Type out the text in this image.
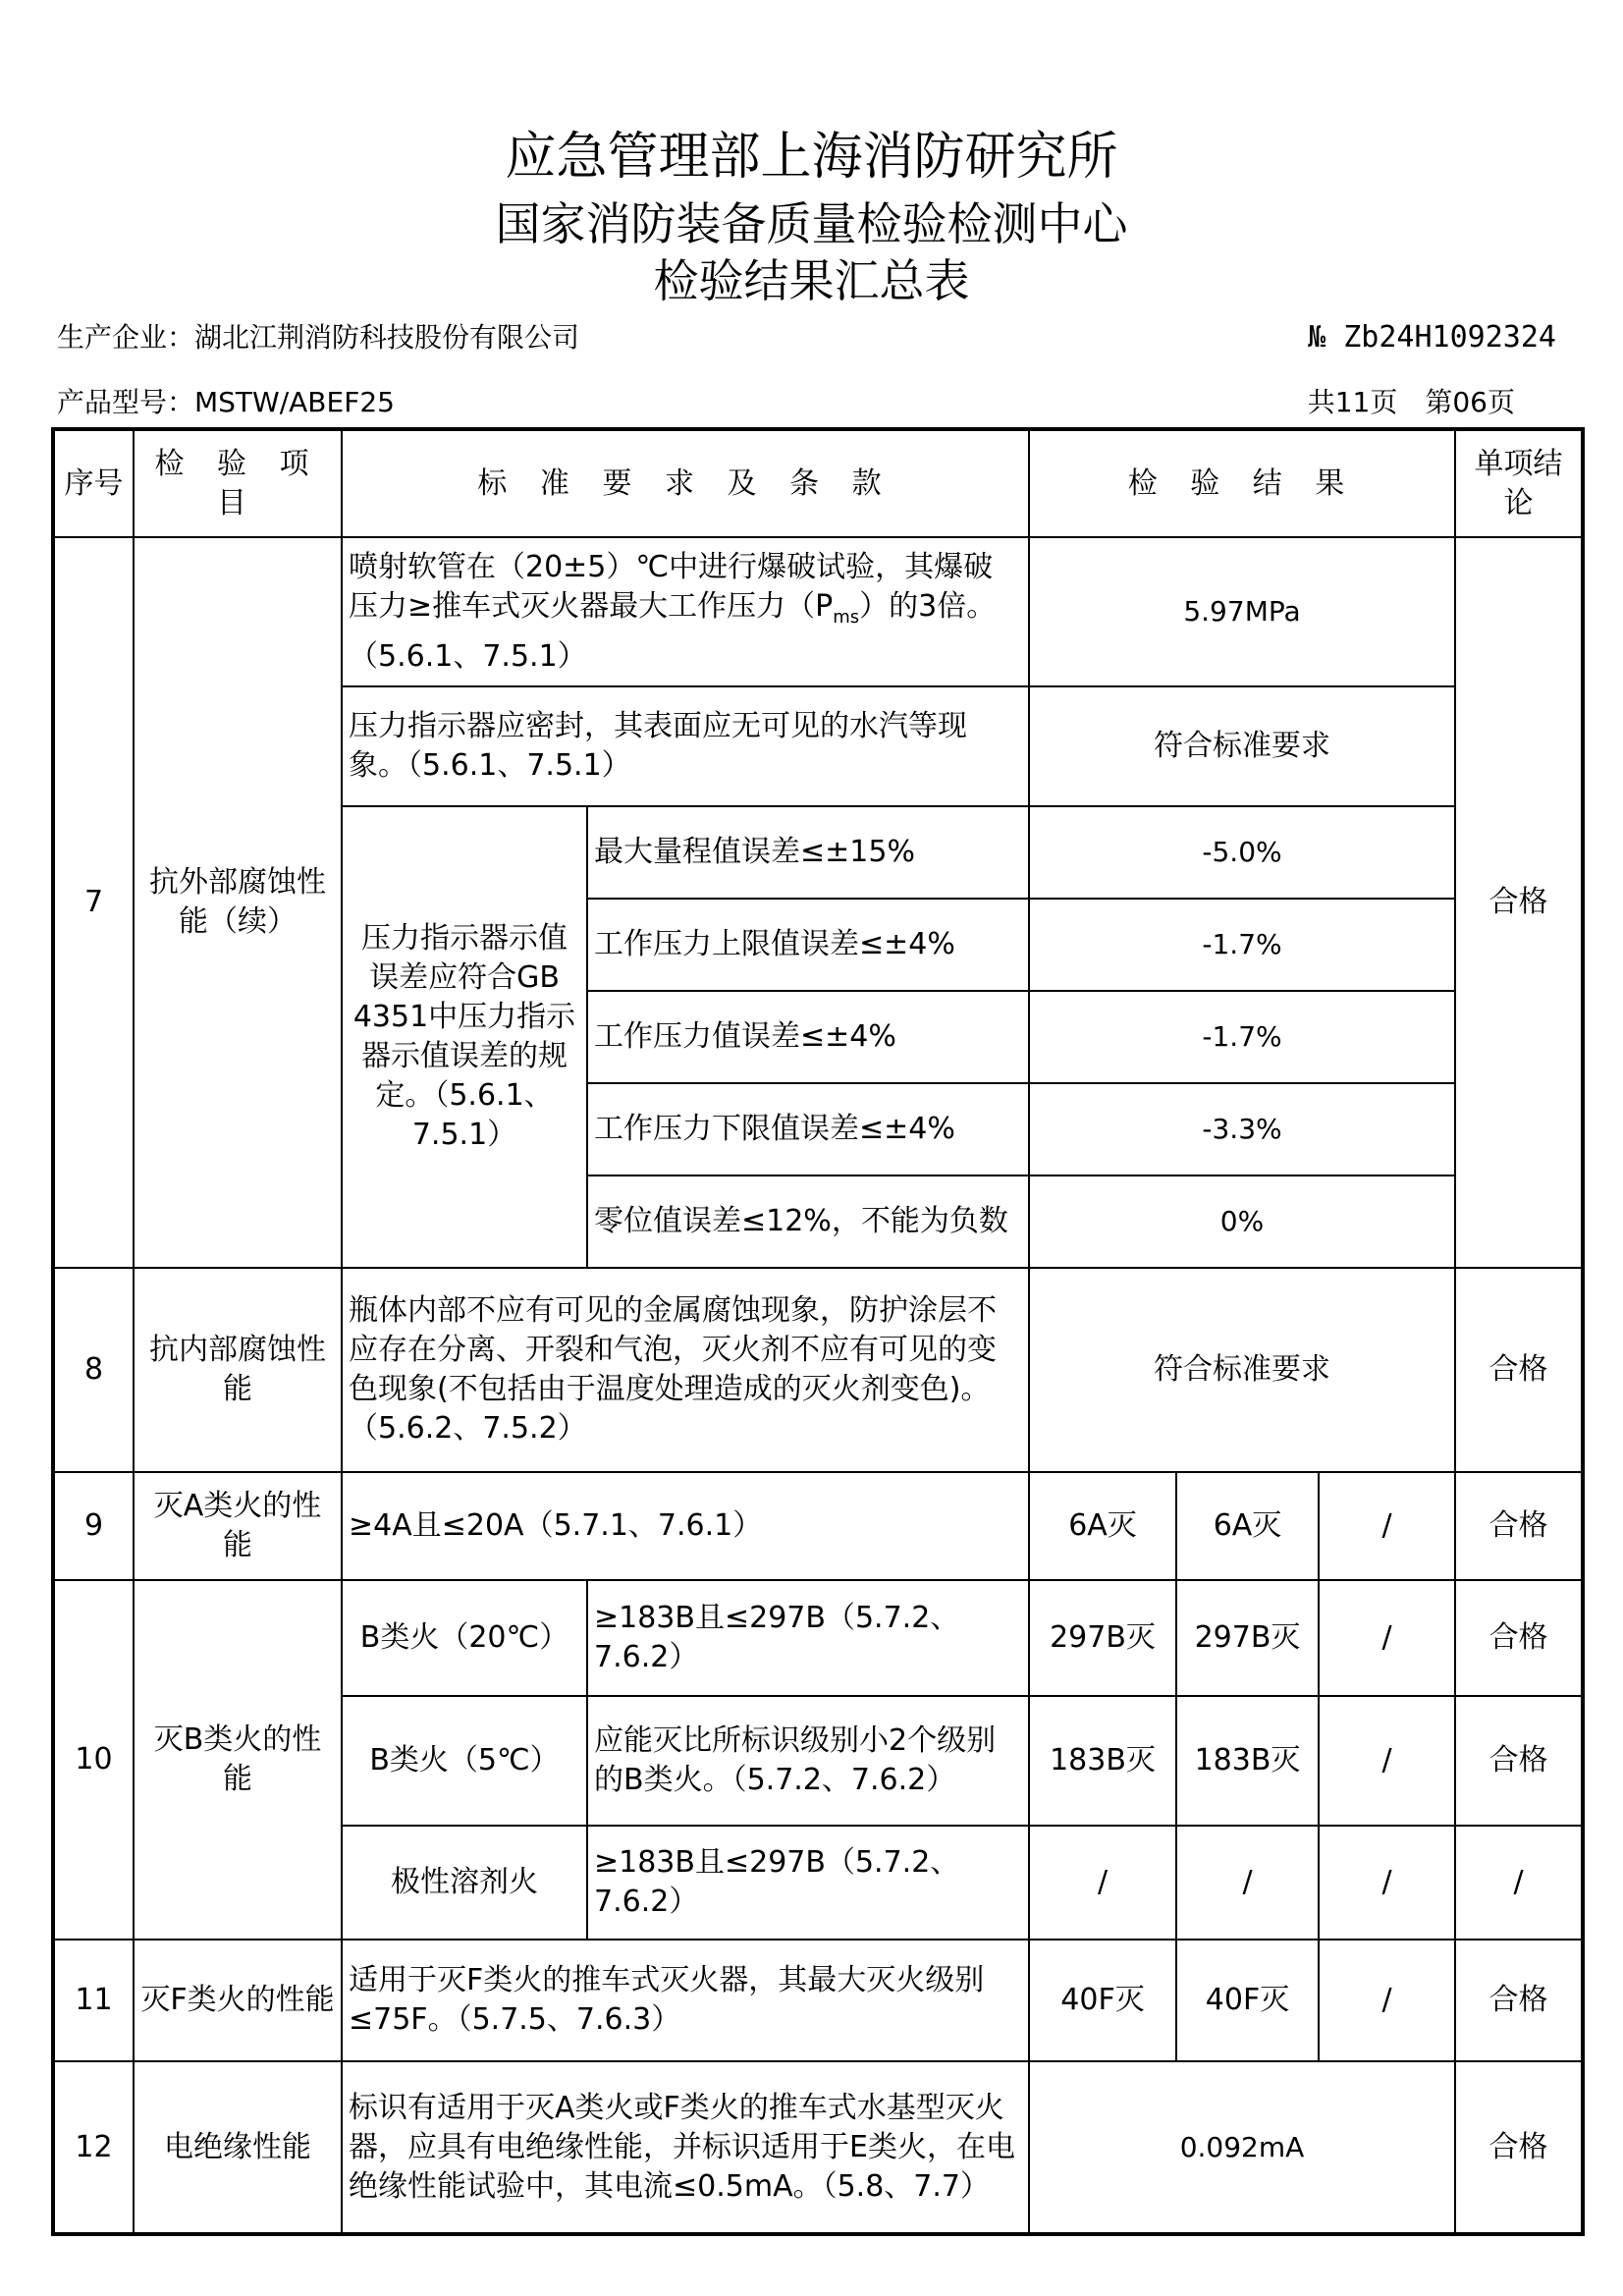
应急管理部上海消防研究所
国家消防装备质量检验检测中心
检验结果汇总表
生产企业：湖北江荆消防科技股份有限公司	№ Zb24H1092324
产品型号：MSTW/ABEF25	共11页　第06页
序号	检 验 项 目	标 准 要 求 及 条 款		检 验 结 果			单项结论
7	抗外部腐蚀性能（续）	喷射软管在（20±5）℃中进行爆破试验，其爆破压力≥推车式灭火器最大工作压力$(P_{ms})$的3倍。（5.6.1、7.5.1）		5.97MPa			合格
		压力指示器应密封，其表面应无可见的水汽等现象。（5.6.1、7.5.1）		符合标准要求			
		压力指示器示值误差应符合GB 4351中压力指示器示值误差的规定。（5.6.1、7.5.1）	最大量程值误差≤±15%	-5.0%			
			工作压力上限值误差≤±4%	-1.7%			
			工作压力值误差≤±4%	-1.7%			
			工作压力下限值误差≤±4%	-3.3%			
			零位值误差≤12%，不能为负数	0%			
8	抗内部腐蚀性能	瓶体内部不应有可见的金属腐蚀现象，防护涂层不应存在分离、开裂和气泡，灭火剂不应有可见的变色现象(不包括由于温度处理造成的灭火剂变色)。（5.6.2、7.5.2）		符合标准要求			合格
9	灭A类火的性能	≥4A且≤20A（5.7.1、7.6.1）		6A灭	6A灭	/	合格
10	灭B类火的性能	B类火（20℃）	≥183B且≤297B（5.7.2、7.6.2）	297B灭	297B灭	/	合格
		B类火（5℃）	应能灭比所标识级别小2个级别的B类火。（5.7.2、7.6.2）	183B灭	183B灭	/	合格
		极性溶剂火	≥183B且≤297B（5.7.2、7.6.2）	/	/	/	/
11	灭F类火的性能	适用于灭F类火的推车式灭火器，其最大灭火级别≤75F。（5.7.5、7.6.3）		40F灭	40F灭	/	合格
12	电绝缘性能	标识有适用于灭A类火或F类火的推车式水基型灭火器，应具有电绝缘性能，并标识适用于E类火，在电绝缘性能试验中，其电流≤0.5mA。（5.8、7.7）		0.092mA			合格
